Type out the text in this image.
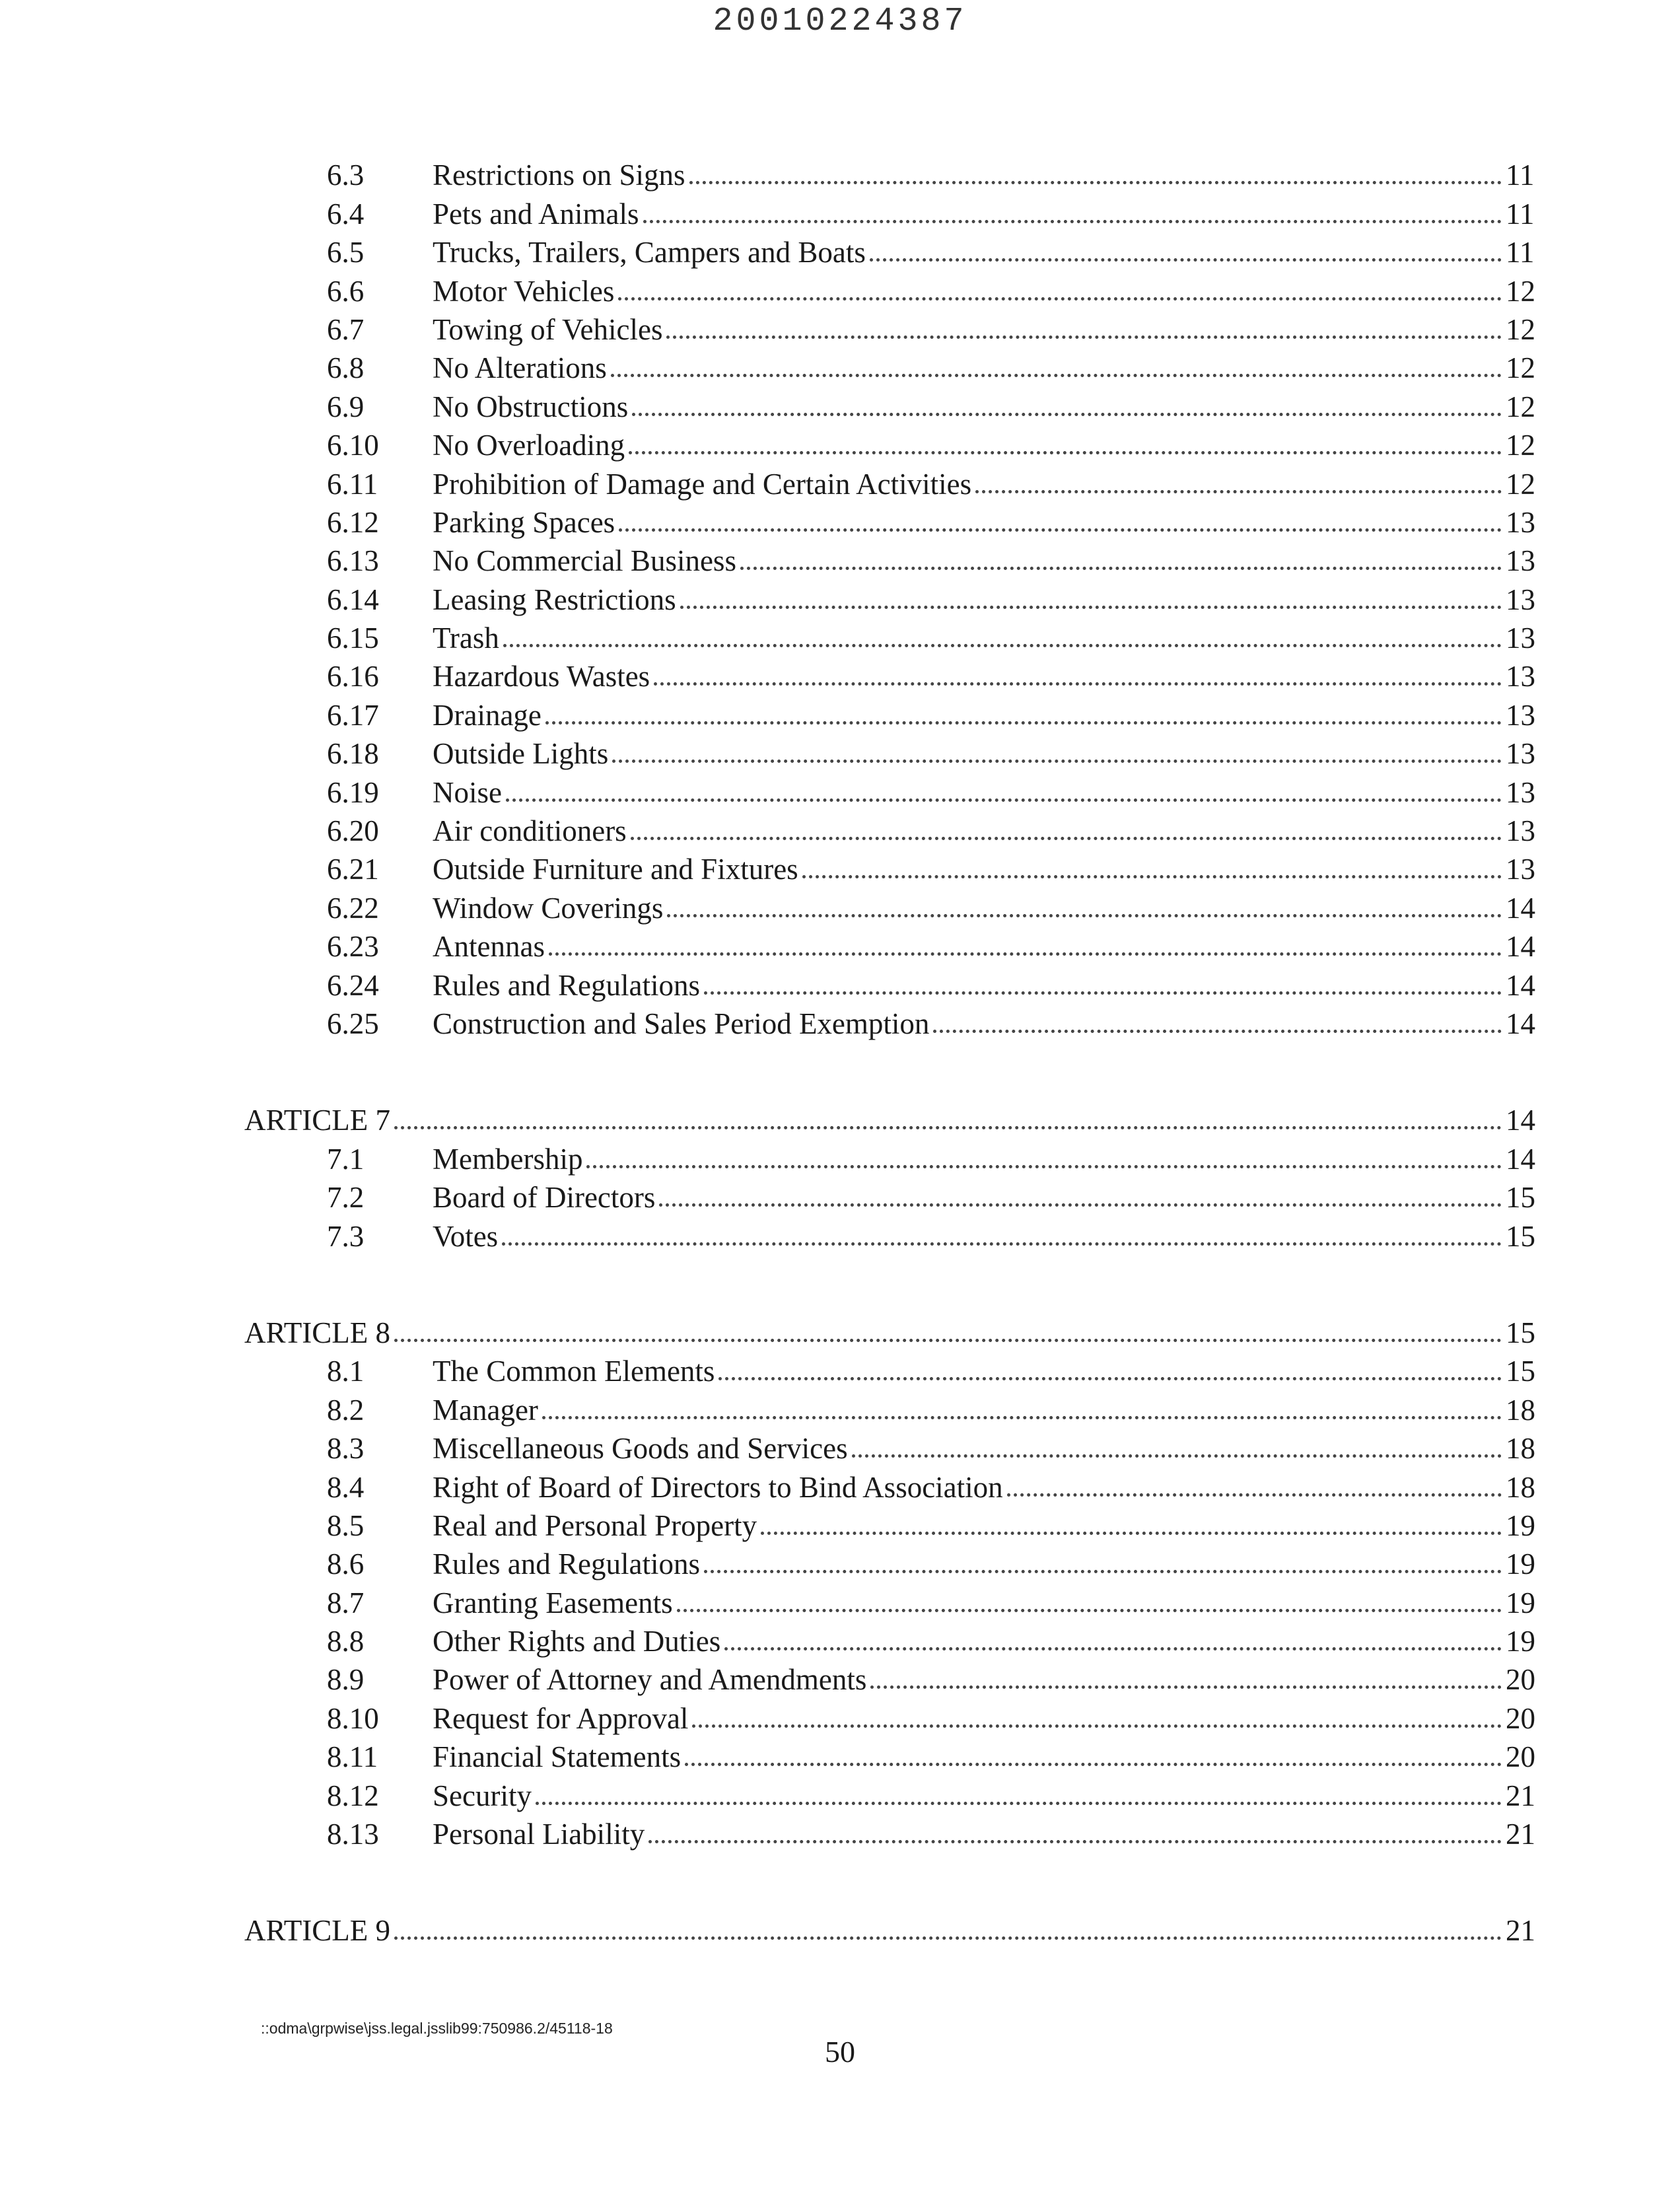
20010224387
6.3	Restrictions on Signs	11
6.4	Pets and Animals	11
6.5	Trucks, Trailers, Campers and Boats	11
6.6	Motor Vehicles	12
6.7	Towing of Vehicles	12
6.8	No Alterations	12
6.9	No Obstructions	12
6.10	No Overloading	12
6.11	Prohibition of Damage and Certain Activities	12
6.12	Parking Spaces	13
6.13	No Commercial Business	13
6.14	Leasing Restrictions	13
6.15	Trash	13
6.16	Hazardous Wastes	13
6.17	Drainage	13
6.18	Outside Lights	13
6.19	Noise	13
6.20	Air conditioners	13
6.21	Outside Furniture and Fixtures	13
6.22	Window Coverings	14
6.23	Antennas	14
6.24	Rules and Regulations	14
6.25	Construction and Sales Period Exemption	14
ARTICLE 7	14
7.1	Membership	14
7.2	Board of Directors	15
7.3	Votes	15
ARTICLE 8	15
8.1	The Common Elements	15
8.2	Manager	18
8.3	Miscellaneous Goods and Services	18
8.4	Right of Board of Directors to Bind Association	18
8.5	Real and Personal Property	19
8.6	Rules and Regulations	19
8.7	Granting Easements	19
8.8	Other Rights and Duties	19
8.9	Power of Attorney and Amendments	20
8.10	Request for Approval	20
8.11	Financial Statements	20
8.12	Security	21
8.13	Personal Liability	21
ARTICLE 9	21
::odma\grpwise\jss.legal.jsslib99:750986.2/45118-18
50
